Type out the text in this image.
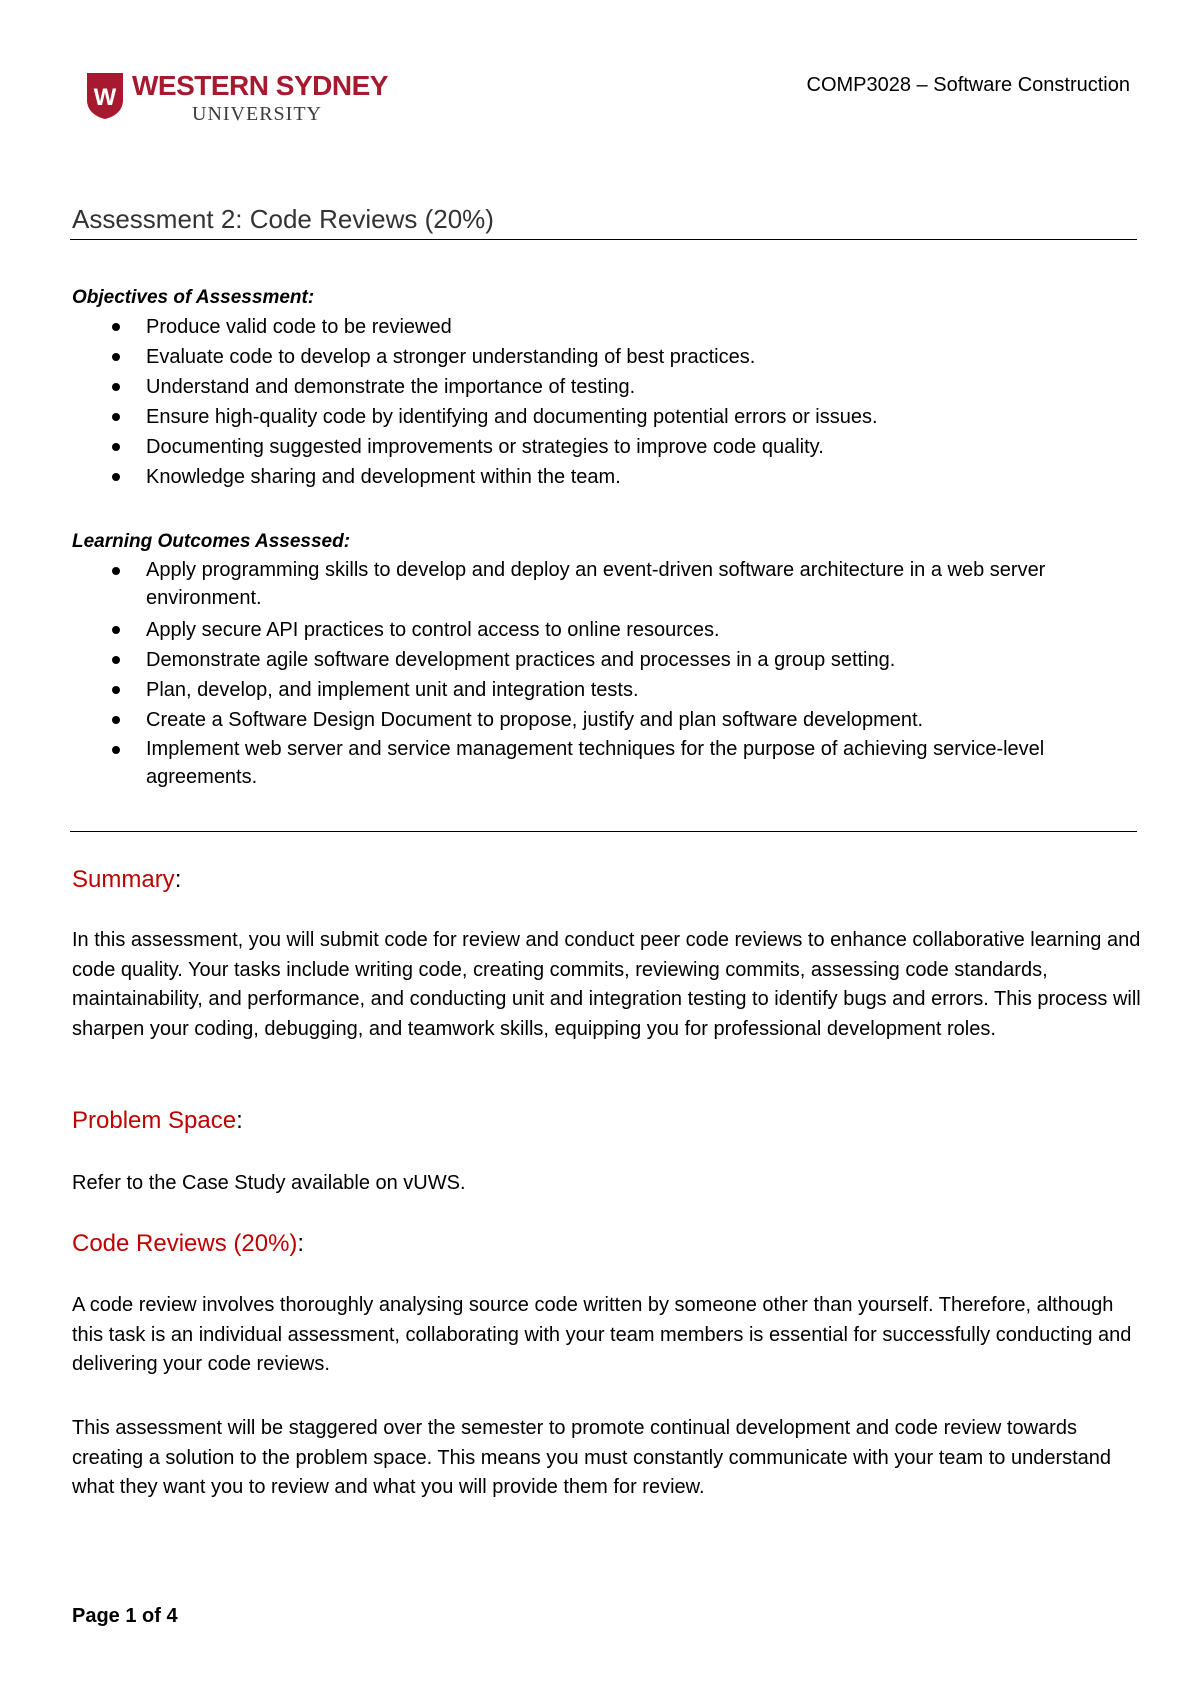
W WESTERN SYDNEY
UNIVERSITY
COMP3028 – Software Construction
Assessment 2: Code Reviews (20%)

Objectives of Assessment:

Produce valid code to be reviewed
Evaluate code to develop a stronger understanding of best practices.
Understand and demonstrate the importance of testing.
Ensure high-quality code by identifying and documenting potential errors or issues.
Documenting suggested improvements or strategies to improve code quality.
Knowledge sharing and development within the team.

Learning Outcomes Assessed:

Apply programming skills to develop and deploy an event-driven software architecture in a web server environment.
Apply secure API practices to control access to online resources.
Demonstrate agile software development practices and processes in a group setting.
Plan, develop, and implement unit and integration tests.
Create a Software Design Document to propose, justify and plan software development.
Implement web server and service management techniques for the purpose of achieving service-level agreements.
Summary:

In this assessment, you will submit code for review and conduct peer code reviews to enhance collaborative learning and code quality. Your tasks include writing code, creating commits, reviewing commits, assessing code standards, maintainability, and performance, and conducting unit and integration testing to identify bugs and errors. This process will sharpen your coding, debugging, and teamwork skills, equipping you for professional development roles.

Problem Space:

Refer to the Case Study available on vUWS.

Code Reviews (20%):

A code review involves thoroughly analysing source code written by someone other than yourself. Therefore, although this task is an individual assessment, collaborating with your team members is essential for successfully conducting and delivering your code reviews.

This assessment will be staggered over the semester to promote continual development and code review towards creating a solution to the problem space. This means you must constantly communicate with your team to understand what they want you to review and what you will provide them for review.

Page 1 of 4
